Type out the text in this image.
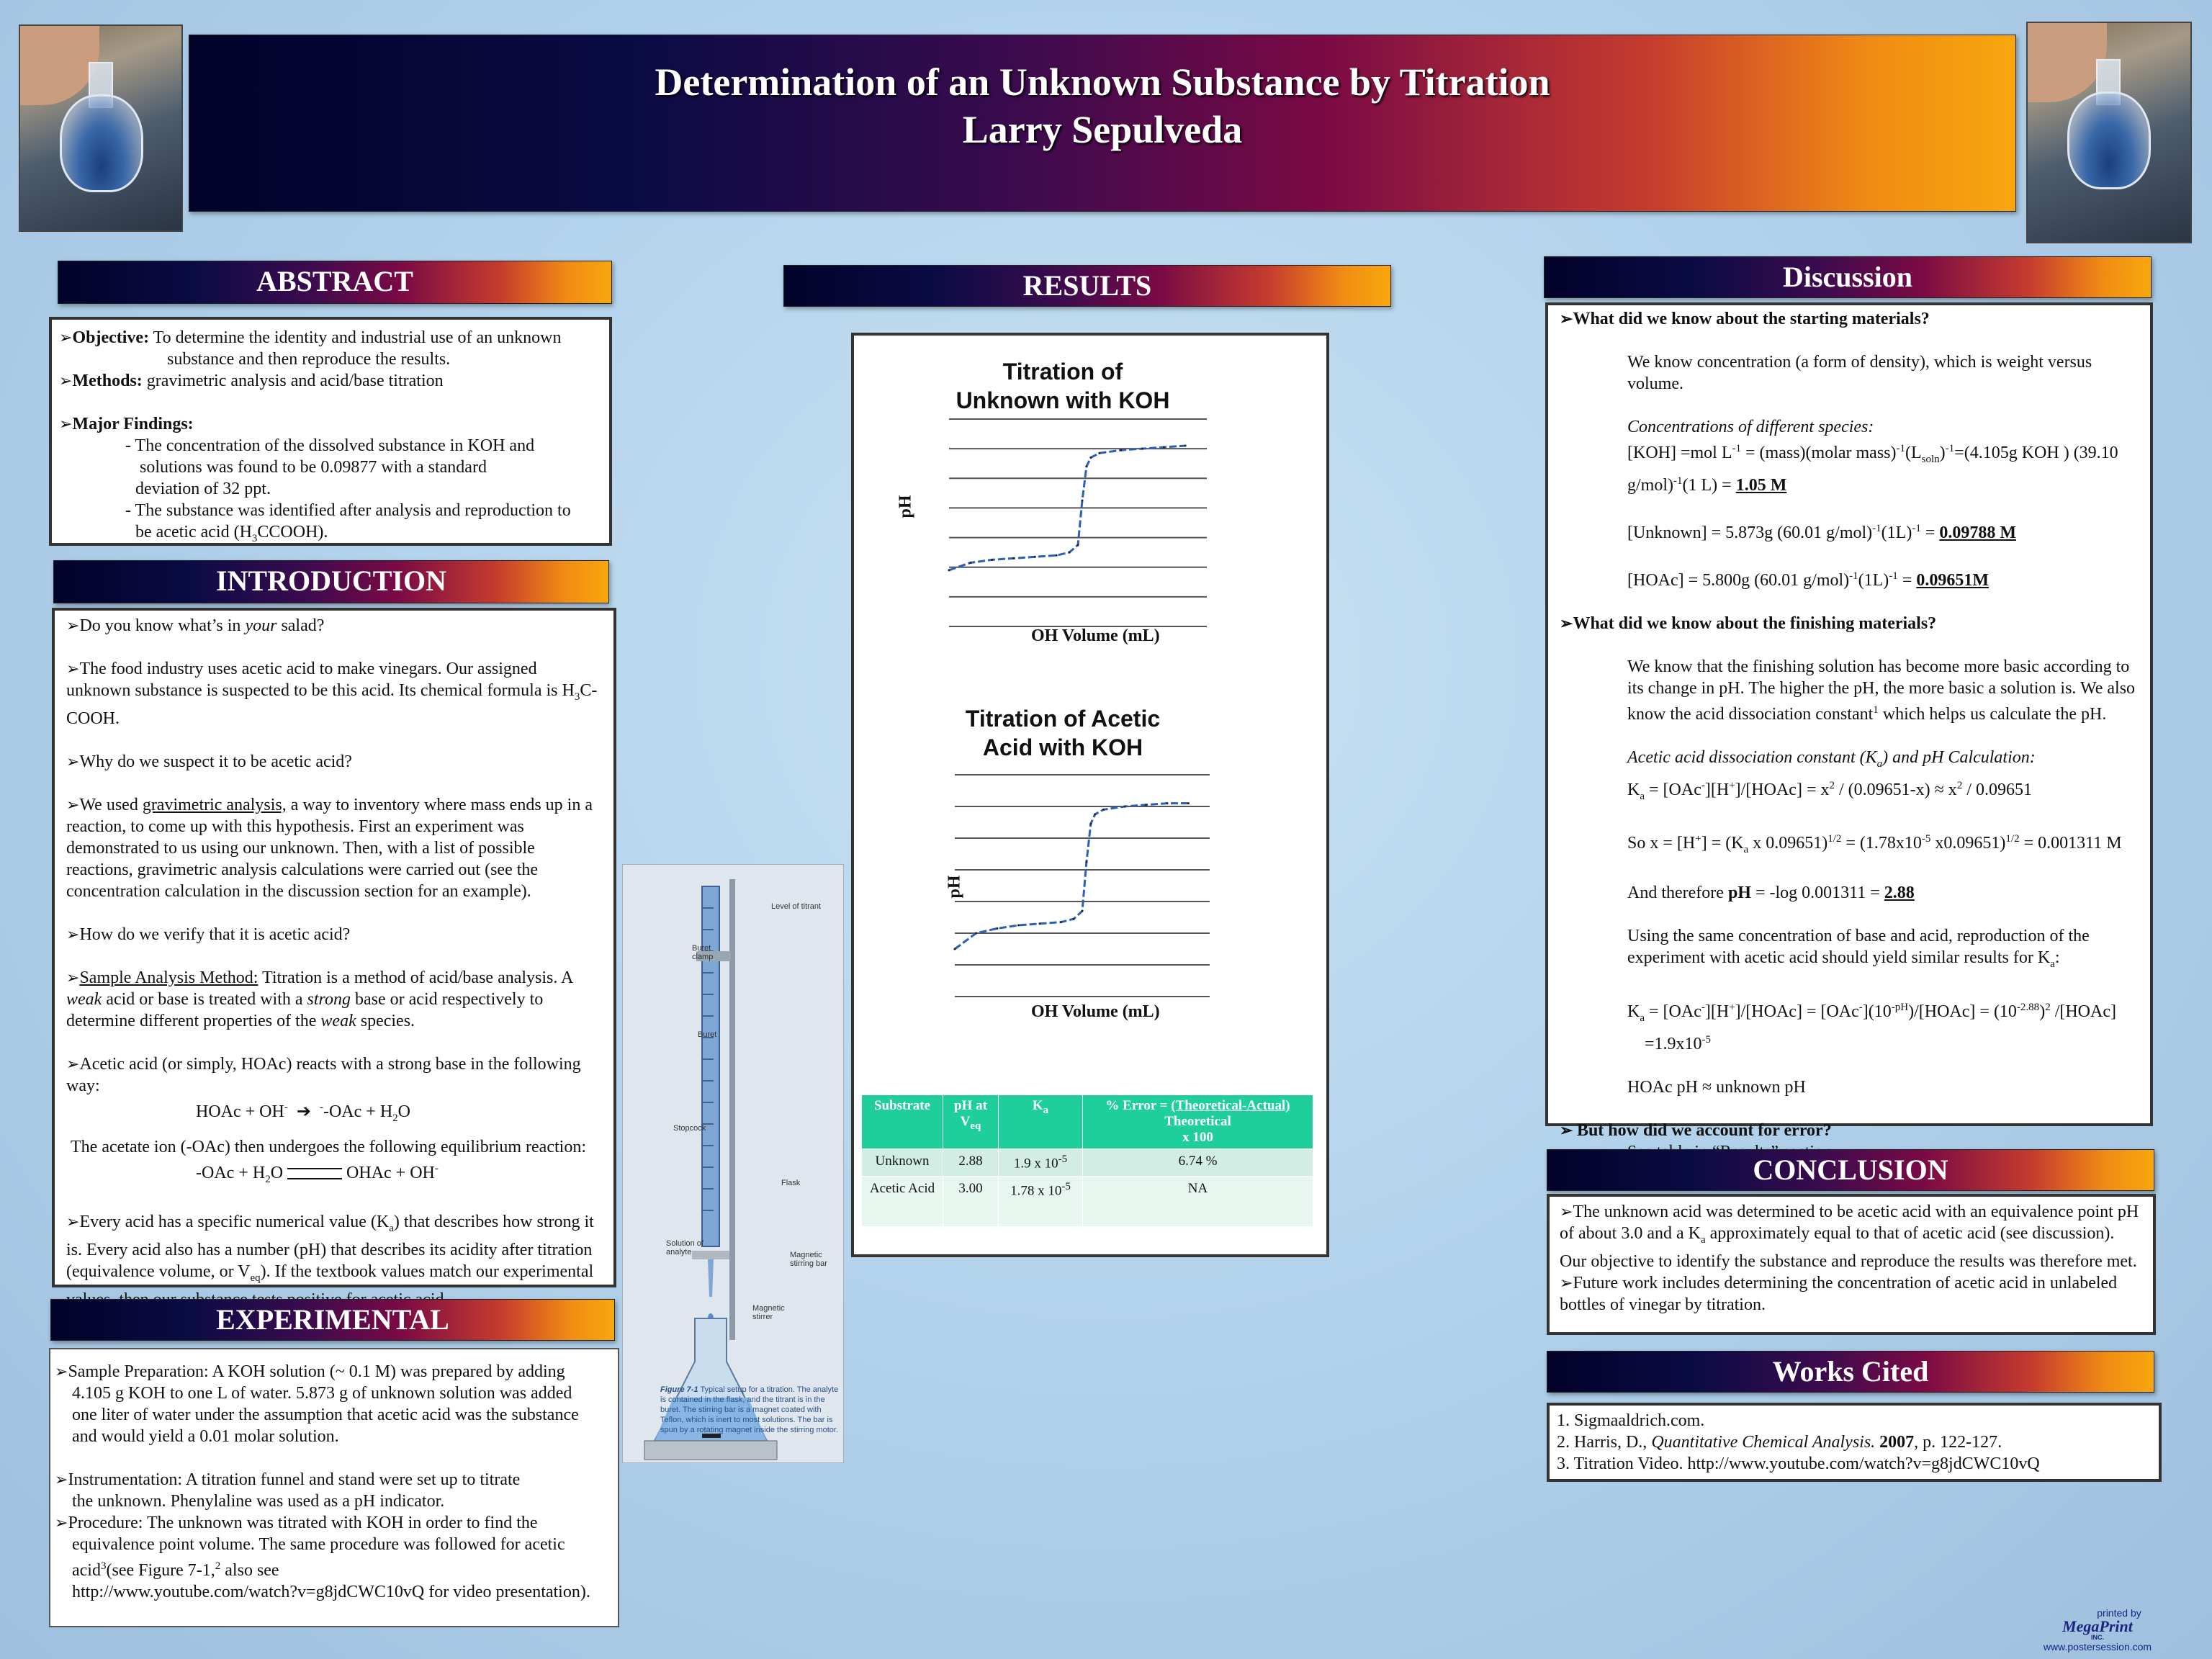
Determination of an Unknown Substance by Titration
Larry Sepulveda
ABSTRACT

➢Objective: To determine the identity and industrial use of an unknown

substance and then reproduce the results.

➢Methods: gravimetric analysis and acid/base titration

➢Major Findings:

- The concentration of the dissolved substance in KOH and

solutions was found to be 0.09877 with a standard

deviation of 32 ppt.

- The substance was identified after analysis and reproduction to

be acetic acid $(H_3CCOOH)$.

INTRODUCTION

➢Do you know what’s in your salad?

➢The food industry uses acetic acid to make vinegars. Our assigned unknown substance is suspected to be this acid. Its chemical formula is $H_3C$-COOH.

➢Why do we suspect it to be acetic acid?

➢We used gravimetric analysis, a way to inventory where mass ends up in a reaction, to come up with this hypothesis. First an experiment was demonstrated to us using our unknown. Then, with a list of possible reactions, gravimetric analysis calculations were carried out (see the concentration calculation in the discussion section for an example).

➢How do we verify that it is acetic acid?

➢Sample Analysis Method: Titration is a method of acid/base analysis. A weak acid or base is treated with a strong base or acid respectively to determine different properties of the weak species.

➢Acetic acid (or simply, HOAc) reacts with a strong base in the following way:

HOAc + OH-  ➔  $^--OAc + H_2O$

The acetate ion (-OAc) then undergoes the following equilibrium reaction:

$-OAc + H_2O$	OHAc + OH-

➢Every acid has a specific numerical value $(K_a)$ that describes how strong it is. Every acid also has a number (pH) that describes its acidity after titration (equivalence volume, or $V_{eq}$). If the textbook values match our experimental

EXPERIMENTAL

➢Sample Preparation: A KOH solution (~ 0.1 M) was prepared by adding

4.105 g KOH to one L of water. 5.873 g of unknown solution was added

one liter of water under the assumption that acetic acid was the substance

and would yield a 0.01 molar solution.

➢Instrumentation: A titration funnel and stand were set up to titrate

the unknown. Phenylaline was used as a pH indicator.

➢Procedure: The unknown was titrated with KOH in order to find the

equivalence point volume. The same procedure was followed for acetic

acid$^3$(see Figure 7-1,$^2$ also see

http://www.youtube.com/watch?v=g8jdCWC10vQ for video presentation).

Level of titrant
Buret clamp
Buret
Stopcock
Flask
Solution of analyte	Magnetic stirring bar
Magnetic stirrer
Figure 7-1 Typical setup for a titration. The analyte is contained in the flask, and the titrant is in the buret. The stirring bar is a magnet coated with Teflon, which is inert to most solutions. The bar is spun by a rotating magnet inside the stirring motor.
RESULTS
Titration of Unknown with KOH
pH
OH Volume (mL)
Titration of Acetic Acid with KOH
pH
OH Volume (mL)
Substrate	pH at $V_{eq}$	$K_a$	% Error = (Theoretical-Actual)
Theoretical
x 100
Unknown	2.88	1.9 x $10^{-5}$	6.74 %
Acetic Acid	3.00	1.78 x $10^{-5}$	NA
Discussion

➢What did we know about the starting materials?

We know concentration (a form of density), which is weight versus volume.

Concentrations of different species:

[KOH] =mol $L^{-1}$ = (mass)(molar $mass)^{-1}(L_{soln})^{-1}=(4.105g$ KOH ) (39.10 g/mol)$^{-1}$(1 L) = 1.05 M

[Unknown] = 5.873g (60.01 $g/mol)^{-1}(1L)^{-1} = 0.09788$ M

[HOAc] = 5.800g (60.01 $g/mol)^{-1}(1L)^{-1} = 0.09651M$

➢What did we know about the finishing materials?

We know that the finishing solution has become more basic according to its change in pH. The higher the pH, the more basic a solution is. We also know the acid dissociation constant$^1$ which helps us calculate the pH.

Acetic acid dissociation constant $(K_a)$ and pH Calculation:

$K_a$ = [OAc-][H+]/[HOAc] = $x^2 / (0.09651-x) \approx x^2 / 0.09651$

So $x = [H^+] = (K_a$ x $0.09651)^{1/2} = (1.78x10^{-5}$ x0.09651)$^{1/2}$ = 0.001311 M

And therefore pH = -log 0.001311 = 2.88

Using the same concentration of base and acid, reproduction of the experiment with acetic acid should yield similar results for $K_a$:

$K_a$ = [OAc-][H+]/[HOAc] = $[OAc^-](10^{-pH})/[HOAc] = (10^{-2.88})^2$ /[HOAc]

$=1.9x10^{-5}$

HOAc pH ≈ unknown pH

➢ But how did we account for error?

CONCLUSION

➢The unknown acid was determined to be acetic acid with an equivalence point pH of about 3.0 and a $K_a$ approximately equal to that of acetic acid (see discussion). Our objective to identify the substance and reproduce the results was therefore met.

➢Future work includes determining the concentration of acetic acid in unlabeled bottles of vinegar by titration.

Works Cited

1. Sigmaaldrich.com.

2. Harris, D., Quantitative Chemical Analysis. 2007, p. 122-127.

3. Titration Video. http://www.youtube.com/watch?v=g8jdCWC10vQ

printed by
MegaPrint
INC.
www.postersession.com
